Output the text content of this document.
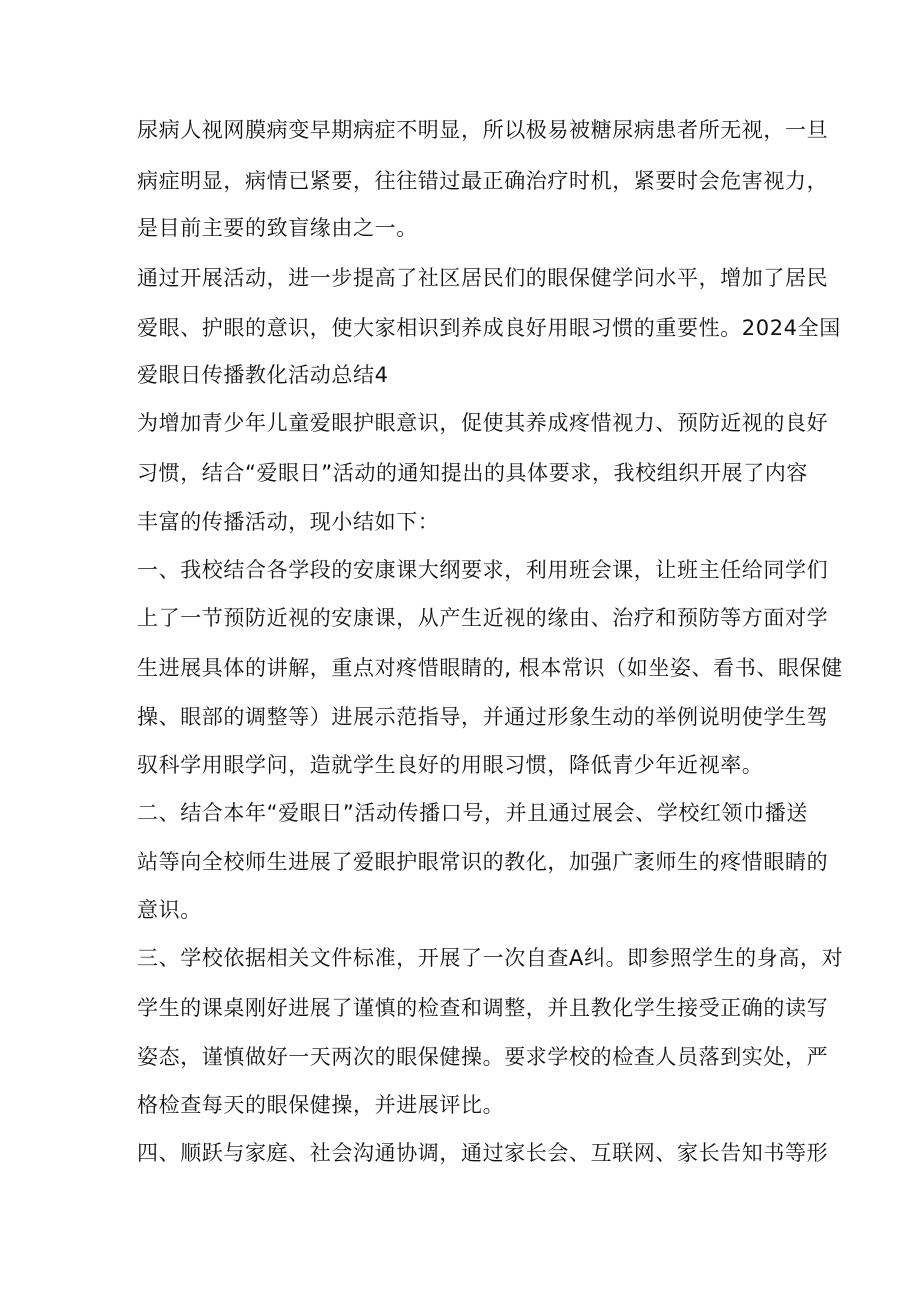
尿病人视网膜病变早期病症不明显，所以极易被糖尿病患者所无视，一旦
病症明显，病情已紧要，往往错过最正确治疗时机，紧要时会危害视力，
是目前主要的致盲缘由之一。
通过开展活动，进一步提高了社区居民们的眼保健学问水平，增加了居民
爱眼、护眼的意识，使大家相识到养成良好用眼习惯的重要性。2024全国
爱眼日传播教化活动总结4
为增加青少年儿童爱眼护眼意识，促使其养成疼惜视力、预防近视的良好
习惯，结合“爱眼日”活动的通知提出的具体要求，我校组织开展了内容
丰富的传播活动，现小结如下：
一、我校结合各学段的安康课大纲要求，利用班会课，让班主任给同学们
上了一节预防近视的安康课，从产生近视的缘由、治疗和预防等方面对学
生进展具体的讲解，重点对疼惜眼睛的, 根本常识（如坐姿、看书、眼保健
操、眼部的调整等）进展示范指导，并通过形象生动的举例说明使学生驾
驭科学用眼学问，造就学生良好的用眼习惯，降低青少年近视率。
二、结合本年“爱眼日”活动传播口号，并且通过展会、学校红领巾播送
站等向全校师生进展了爱眼护眼常识的教化，加强广袤师生的疼惜眼睛的
意识。
三、学校依据相关文件标准，开展了一次自查A纠。即参照学生的身高，对
学生的课桌刚好进展了谨慎的检查和调整，并且教化学生接受正确的读写
姿态，谨慎做好一天两次的眼保健操。要求学校的检查人员落到实处，严
格检查每天的眼保健操，并进展评比。
四、顺跃与家庭、社会沟通协调，通过家长会、互联网、家长告知书等形
